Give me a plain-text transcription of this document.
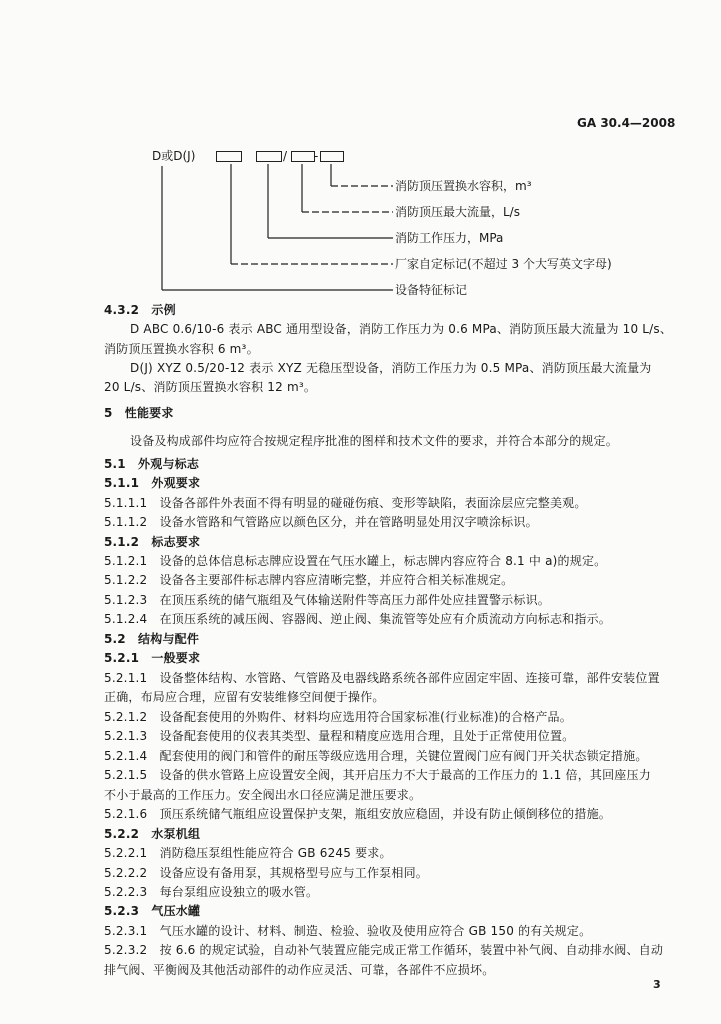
GA 30.4—2008
D或D(J)	/ -
消防顶压置换水容积，m³
消防顶压最大流量，L/s
消防工作压力，MPa
厂家自定标记(不超过 3 个大写英文字母)
设备特征标记
4.3.2　示例
D ABC 0.6/10-6 表示 ABC 通用型设备，消防工作压力为 0.6 MPa、消防顶压最大流量为 10 L/s、
消防顶压置换水容积 6 m³。
D(J) XYZ 0.5/20-12 表示 XYZ 无稳压型设备，消防工作压力为 0.5 MPa、消防顶压最大流量为
20 L/s、消防顶压置换水容积 12 m³。
5　性能要求
设备及构成部件均应符合按规定程序批准的图样和技术文件的要求，并符合本部分的规定。
5.1　外观与标志
5.1.1　外观要求
5.1.1.1　设备各部件外表面不得有明显的碰碰伤痕、变形等缺陷，表面涂层应完整美观。
5.1.1.2　设备水管路和气管路应以颜色区分，并在管路明显处用汉字喷涂标识。
5.1.2　标志要求
5.1.2.1　设备的总体信息标志牌应设置在气压水罐上，标志牌内容应符合 8.1 中 a)的规定。
5.1.2.2　设备各主要部件标志牌内容应清晰完整，并应符合相关标准规定。
5.1.2.3　在顶压系统的储气瓶组及气体输送附件等高压力部件处应挂置警示标识。
5.1.2.4　在顶压系统的减压阀、容器阀、逆止阀、集流管等处应有介质流动方向标志和指示。
5.2　结构与配件
5.2.1　一般要求
5.2.1.1　设备整体结构、水管路、气管路及电器线路系统各部件应固定牢固、连接可靠，部件安装位置
正确，布局应合理，应留有安装维修空间便于操作。
5.2.1.2　设备配套使用的外购件、材料均应选用符合国家标准(行业标准)的合格产品。
5.2.1.3　设备配套使用的仪表其类型、量程和精度应选用合理，且处于正常使用位置。
5.2.1.4　配套使用的阀门和管件的耐压等级应选用合理，关键位置阀门应有阀门开关状态锁定措施。
5.2.1.5　设备的供水管路上应设置安全阀，其开启压力不大于最高的工作压力的 1.1 倍，其回座压力
不小于最高的工作压力。安全阀出水口径应满足泄压要求。
5.2.1.6　顶压系统储气瓶组应设置保护支架，瓶组安放应稳固，并设有防止倾倒移位的措施。
5.2.2　水泵机组
5.2.2.1　消防稳压泵组性能应符合 GB 6245 要求。
5.2.2.2　设备应设有备用泵，其规格型号应与工作泵相同。
5.2.2.3　每台泵组应设独立的吸水管。
5.2.3　气压水罐
5.2.3.1　气压水罐的设计、材料、制造、检验、验收及使用应符合 GB 150 的有关规定。
5.2.3.2　按 6.6 的规定试验，自动补气装置应能完成正常工作循环，装置中补气阀、自动排水阀、自动
排气阀、平衡阀及其他活动部件的动作应灵活、可靠，各部件不应损坏。
3
